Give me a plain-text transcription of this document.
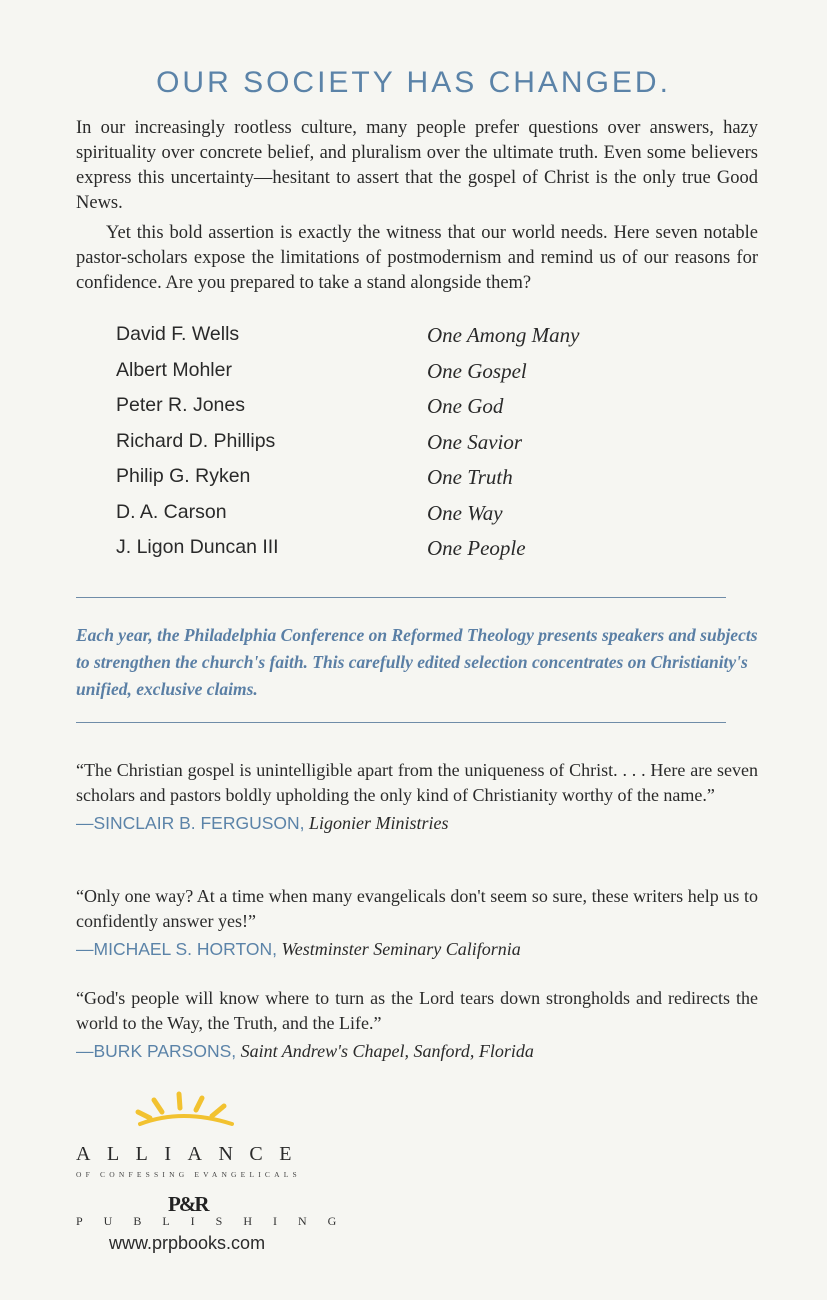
OUR SOCIETY HAS CHANGED.

In our increasingly rootless culture, many people prefer questions over answers, hazy spirituality over concrete belief, and pluralism over the ultimate truth. Even some believers express this uncertainty—hesitant to assert that the gospel of Christ is the only true Good News.

Yet this bold assertion is exactly the witness that our world needs. Here seven notable pastor-scholars expose the limitations of postmodernism and remind us of our reasons for confidence. Are you prepared to take a stand alongside them?

David F. Wells	One Among Many
Albert Mohler	One Gospel
Peter R. Jones	One God
Richard D. Phillips	One Savior
Philip G. Ryken	One Truth
D. A. Carson	One Way
J. Ligon Duncan III	One People
Each year, the Philadelphia Conference on Reformed Theology presents speakers and subjects to strengthen the church's faith. This carefully edited selection concentrates on Christianity's unified, exclusive claims.

“The Christian gospel is unintelligible apart from the uniqueness of Christ. . . . Here are seven scholars and pastors boldly upholding the only kind of Christianity worthy of the name.”

—SINCLAIR B. FERGUSON, Ligonier Ministries

“Only one way? At a time when many evangelicals don't seem so sure, these writers help us to confidently answer yes!”

—MICHAEL S. HORTON, Westminster Seminary California

“God's people will know where to turn as the Lord tears down strongholds and redirects the world to the Way, the Truth, and the Life.”

—BURK PARSONS, Saint Andrew's Chapel, Sanford, Florida
ALLIANCE
OF CONFESSING EVANGELICALS
P&R
PUBLISHING
www.prpbooks.com
